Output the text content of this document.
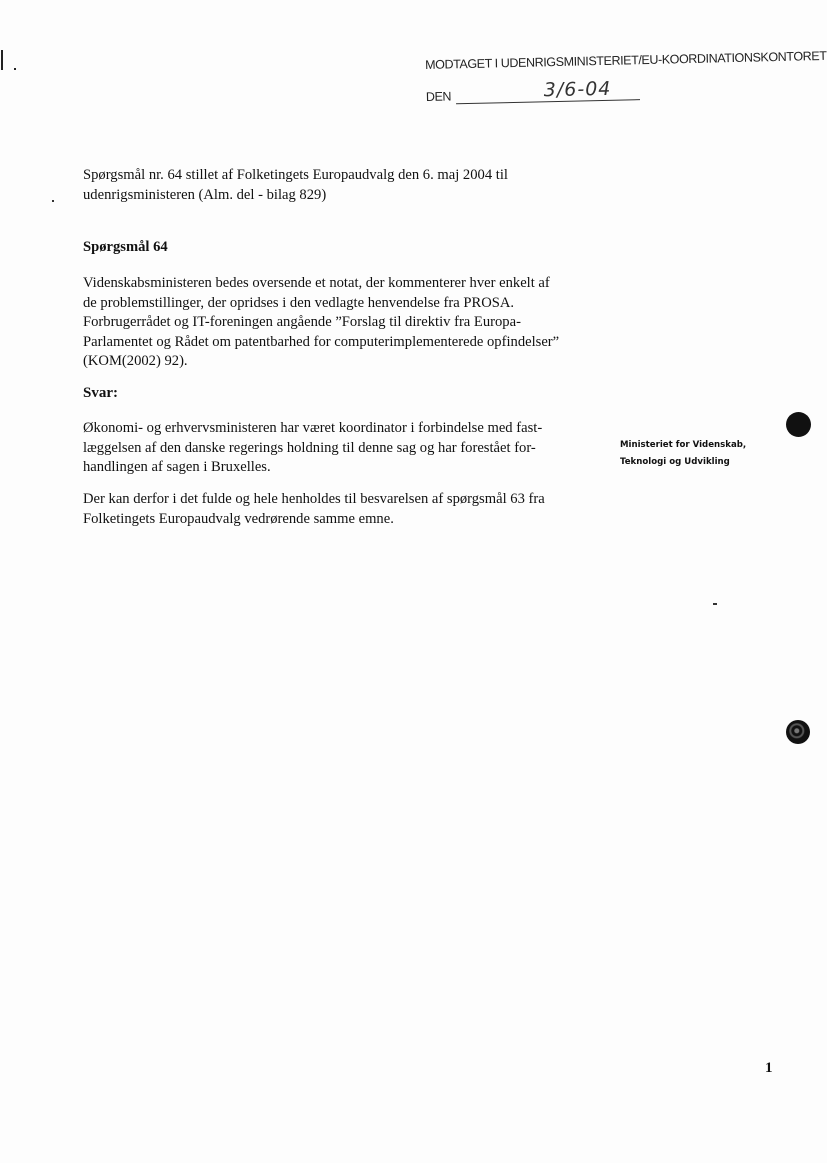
MODTAGET I UDENRIGSMINISTERIET/EU-KOORDINATIONSKONTORET
DEN	3/6-04

Spørgsmål nr. 64 stillet af Folketingets Europaudvalg den 6. maj 2004 til

udenrigsministeren (Alm. del - bilag 829)

Spørgsmål 64

Videnskabsministeren bedes oversende et notat, der kommenterer hver enkelt af

de problemstillinger, der opridses i den vedlagte henvendelse fra PROSA.

Forbrugerrådet og IT-foreningen angående ”Forslag til direktiv fra Europa-

Parlamentet og Rådet om patentbarhed for computerimplementerede opfindelser”

(KOM(2002) 92).

Svar:

Økonomi- og erhvervsministeren har været koordinator i forbindelse med fast-

læggelsen af den danske regerings holdning til denne sag og har forestået for-

handlingen af sagen i Bruxelles.

Der kan derfor i det fulde og hele henholdes til besvarelsen af spørgsmål 63 fra

Folketingets Europaudvalg vedrørende samme emne.

Ministeriet for Videnskab,
Teknologi og Udvikling
1
